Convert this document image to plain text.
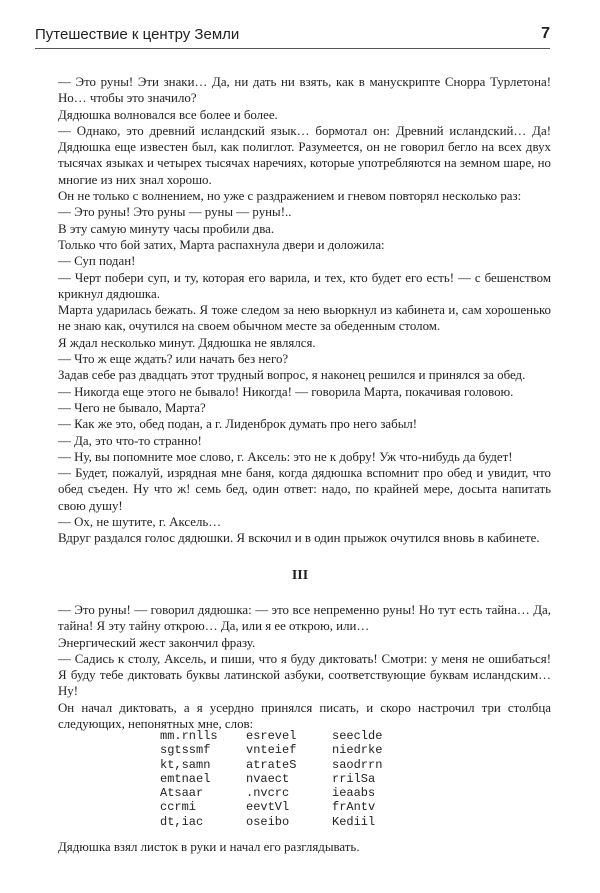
Путешествие к центру Земли	7

— Это руны! Эти знаки… Да, ни дать ни взять, как в манускрипте Снорра Турлетона! Но… чтобы это значило?

Дядюшка волновался все более и более.

— Однако, это древний исландский язык… бормотал он: Древний исландский… Да! Дядюшка еще известен был, как полиглот. Разумеется, он не говорил бегло на всех двух тысячах языках и четырех тысячах наречиях, которые употребляются на земном шаре, но многие из них знал хорошо.

Он не только с волнением, но уже с раздражением и гневом повторял несколько раз:

— Это руны! Это руны — руны — руны!..

В эту самую минуту часы пробили два.

Только что бой затих, Марта распахнула двери и доложила:

— Суп подан!

— Черт побери суп, и ту, которая его варила, и тех, кто будет его есть! — с бешенством крикнул дядюшка.

Марта ударилась бежать. Я тоже следом за нею вьюркнул из кабинета и, сам хорошенько не знаю как, очутился на своем обычном месте за обеденным столом.

Я ждал несколько минут. Дядюшка не являлся.

— Что ж еще ждать? или начать без него?

Задав себе раз двадцать этот трудный вопрос, я наконец решился и принялся за обед.

— Никогда еще этого не бывало! Никогда! — говорила Марта, покачивая головою.

— Чего не бывало, Марта?

— Как же это, обед подан, а г. Лиденброк думать про него забыл!

— Да, это что-то странно!

— Ну, вы попомните мое слово, г. Аксель: это не к добру! Уж что-нибудь да будет!

— Будет, пожалуй, изрядная мне баня, когда дядюшка вспомнит про обед и увидит, что обед съеден. Ну что ж! семь бед, один ответ: надо, по крайней мере, досыта напитать свою душу!

— Ох, не шутите, г. Аксель…

Вдруг раздался голос дядюшки. Я вскочил и в один прыжок очутился вновь в кабинете.

III

— Это руны! — говорил дядюшка: — это все непременно руны! Но тут есть тайна… Да, тайна! Я эту тайну открою… Да, или я ее открою, или…

Энергический жест закончил фразу.

— Садись к столу, Аксель, и пиши, что я буду диктовать! Смотри: у меня не ошибаться! Я буду тебе диктовать буквы латинской азбуки, соответствующие буквам исландским… Ну!

Он начал диктовать, а я усердно принялся писать, и скоро настрочил три столбца следующих, непонятных мне, слов:

mm.rnlls	esrevel	seeclde
sgtssmf	vnteief	niedrke
kt,samn	atrateS	saodrrn
emtnael	nvaect	rrilSa
Atsaar	.nvcrc	ieaabs
ccrmi	eevtVl	frAntv
dt,iac	oseibo	Kediil

Дядюшка взял листок в руки и начал его разглядывать.
